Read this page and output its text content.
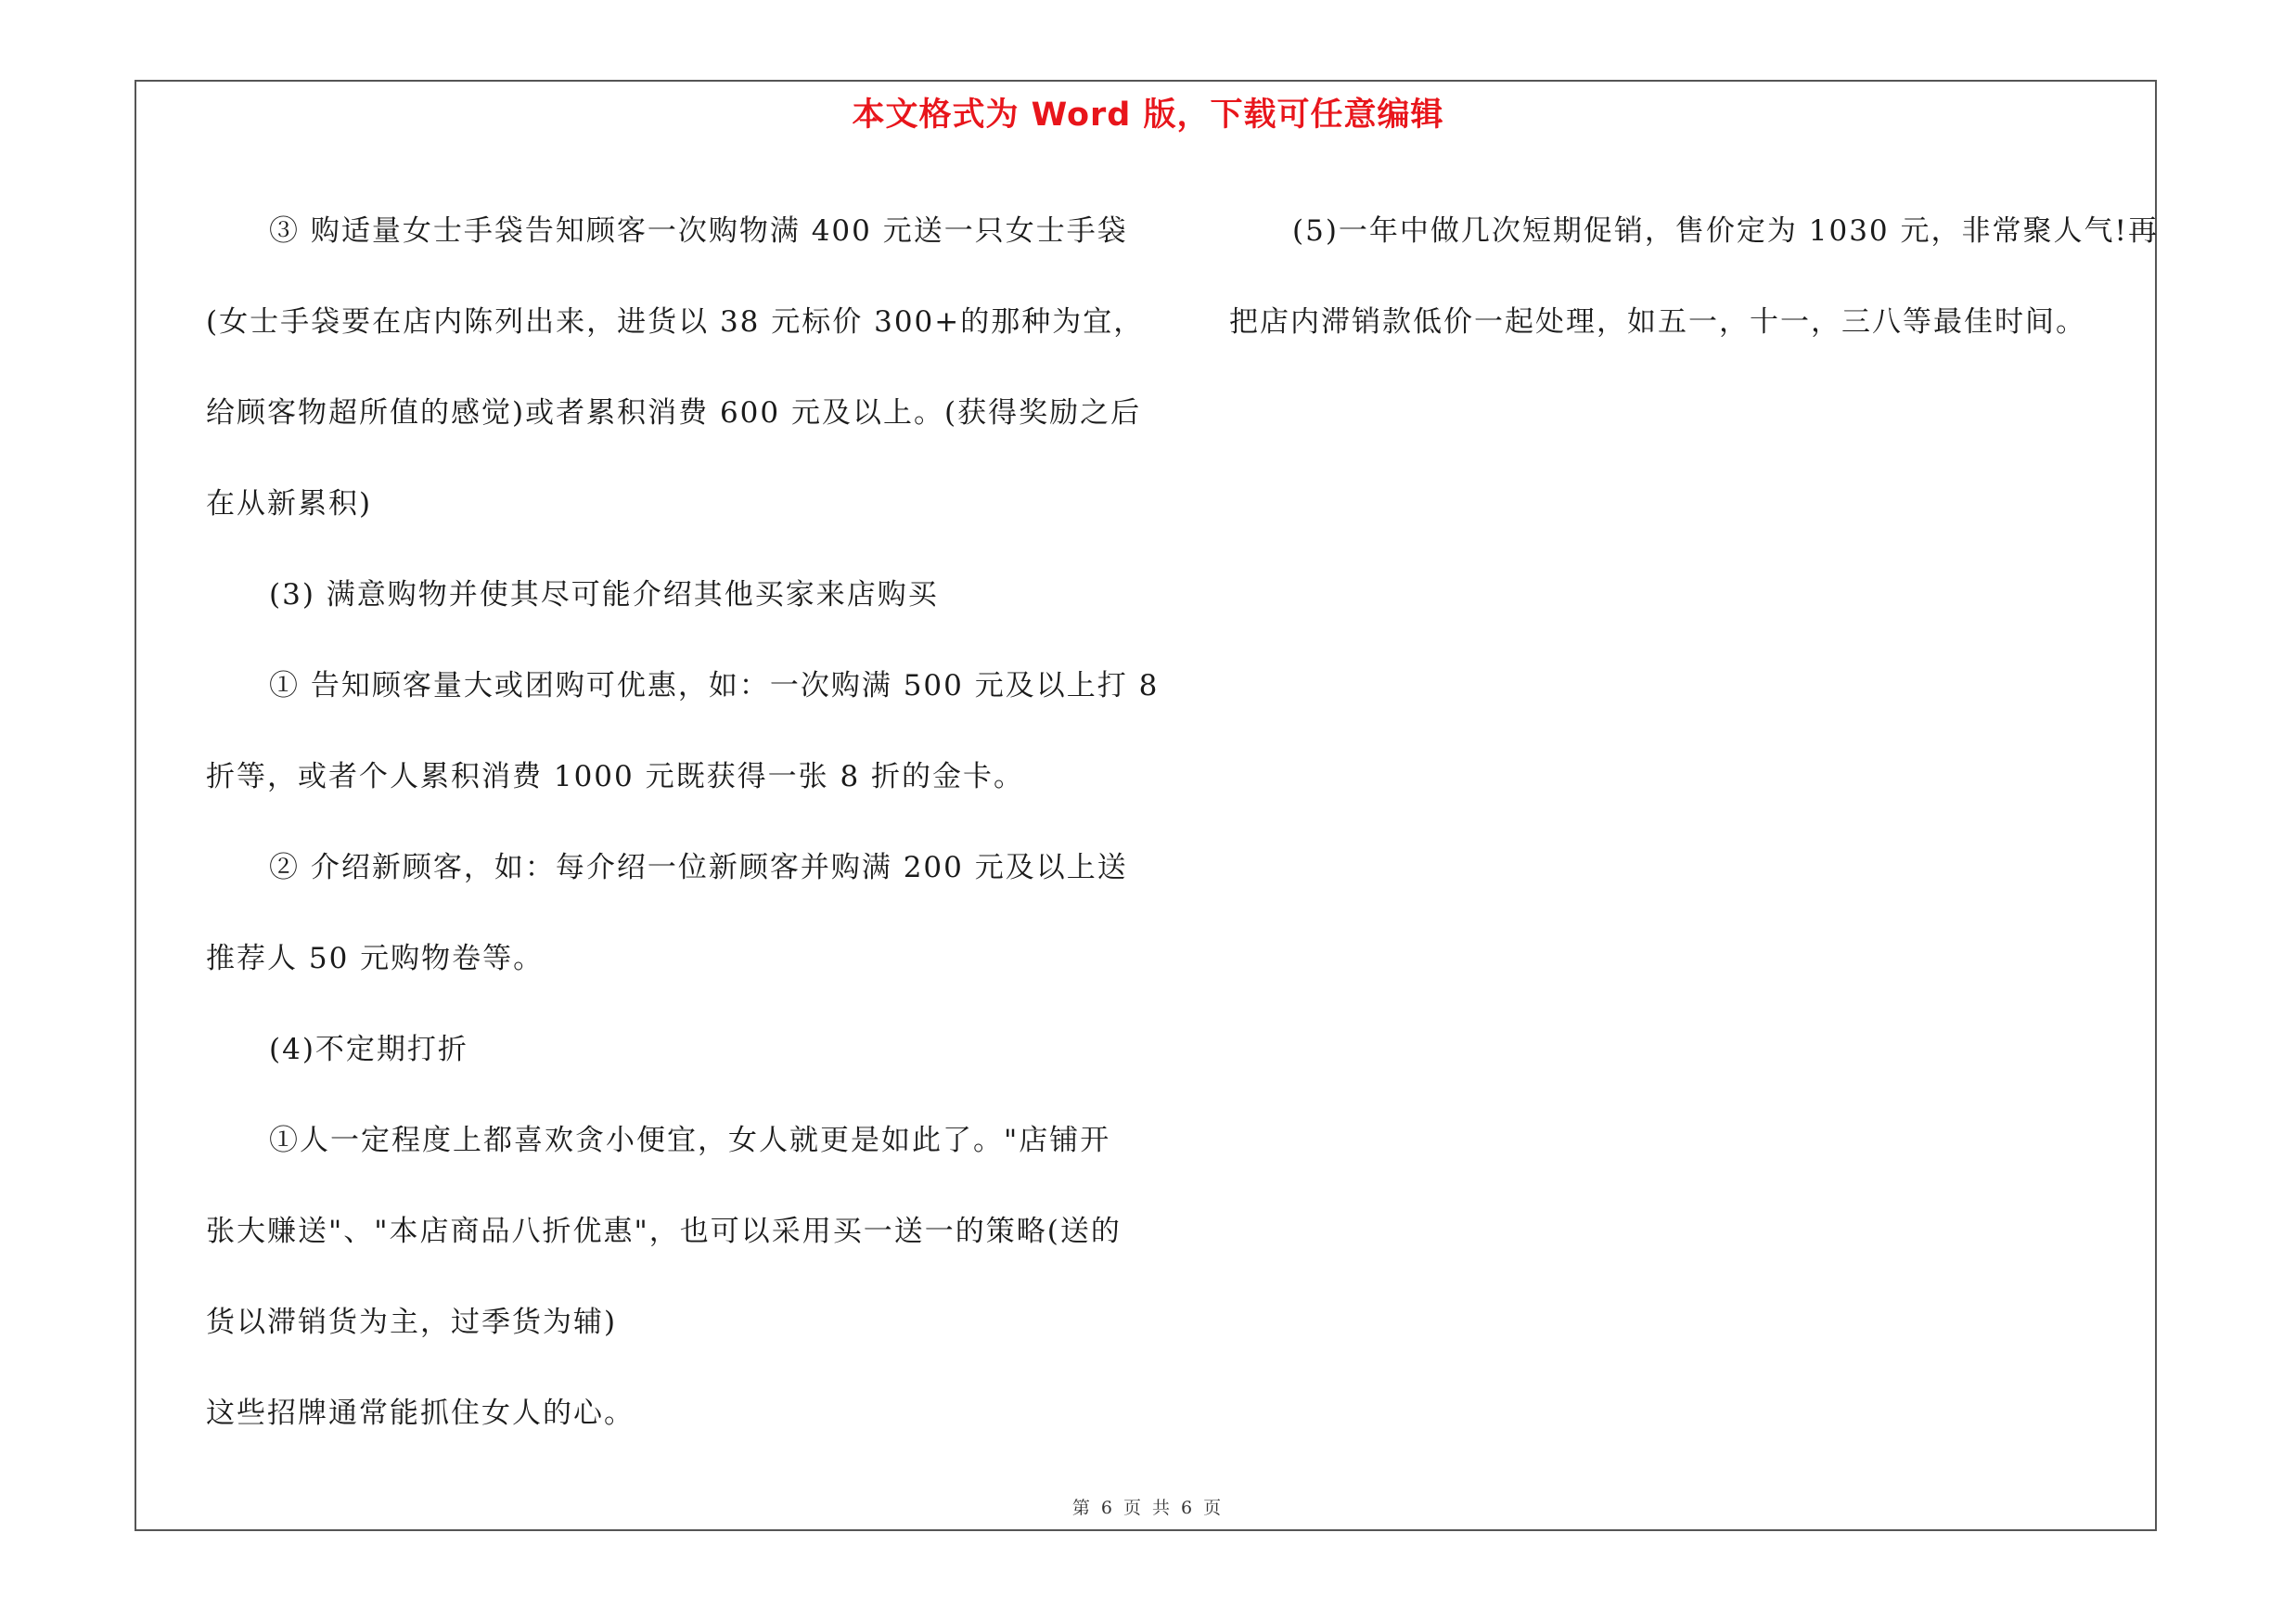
本文格式为 Word 版，下载可任意编辑
③ 购适量女士手袋告知顾客一次购物满 400 元送一只女士手袋
(女士手袋要在店内陈列出来，进货以 38 元标价 300+的那种为宜，
给顾客物超所值的感觉)或者累积消费 600 元及以上。(获得奖励之后
在从新累积)
(3) 满意购物并使其尽可能介绍其他买家来店购买
① 告知顾客量大或团购可优惠，如：一次购满 500 元及以上打 8
折等，或者个人累积消费 1000 元既获得一张 8 折的金卡。
② 介绍新顾客，如：每介绍一位新顾客并购满 200 元及以上送
推荐人 50 元购物卷等。
(4)不定期打折
①人一定程度上都喜欢贪小便宜，女人就更是如此了。"店铺开
张大赚送"、"本店商品八折优惠"，也可以采用买一送一的策略(送的
货以滞销货为主，过季货为辅)
这些招牌通常能抓住女人的心。
(5)一年中做几次短期促销，售价定为 1030 元，非常聚人气!再
把店内滞销款低价一起处理，如五一，十一，三八等最佳时间。
第 6 页 共 6 页
